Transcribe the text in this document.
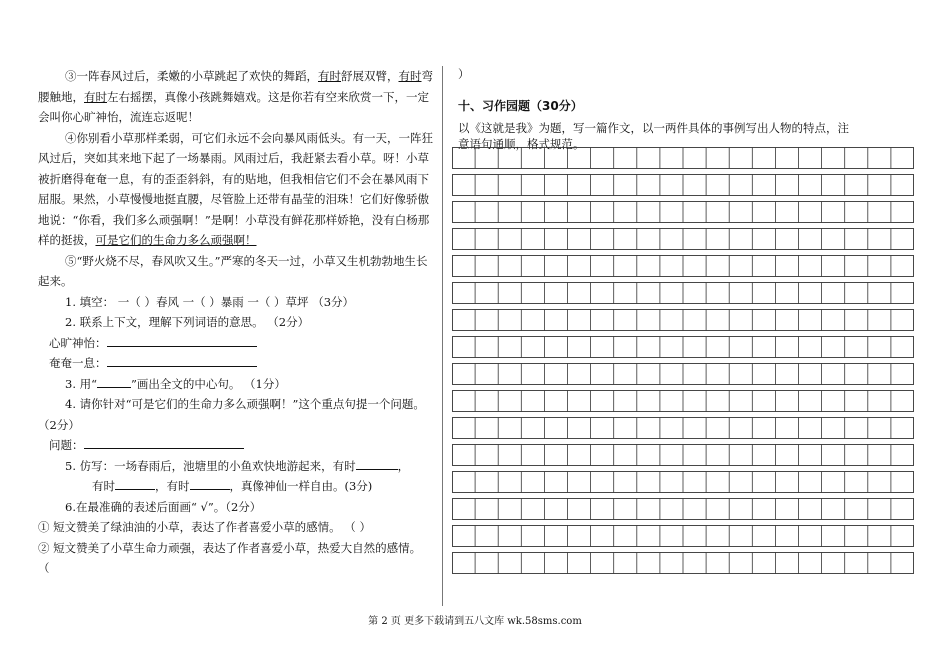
③一阵春风过后，柔嫩的小草跳起了欢快的舞蹈，有时舒展双臂，有时弯腰触地，有时左右摇摆，真像小孩跳舞嬉戏。这是你若有空来欣赏一下，一定会叫你心旷神怡，流连忘返呢！

④你别看小草那样柔弱，可它们永远不会向暴风雨低头。有一天，一阵狂风过后，突如其来地下起了一场暴雨。风雨过后，我赶紧去看小草。呀！小草被折磨得奄奄一息，有的歪歪斜斜，有的贴地，但我相信它们不会在暴风雨下屈服。果然，小草慢慢地挺直腰，尽管脸上还带有晶莹的泪珠！它们好像骄傲地说：“你看，我们多么顽强啊！”是啊！小草没有鲜花那样娇艳，没有白杨那样的挺拔，可是它们的生命力多么顽强啊！

⑤“野火烧不尽，春风吹又生。”严寒的冬天一过，小草又生机勃勃地生长起来。

1. 填空： 一（ ）春风 一（ ）暴雨 一（ ）草坪 （3分）

2. 联系上下文，理解下列词语的意思。 （2分）

心旷神怡：

奄奄一息：

3. 用“	”画出全文的中心句。 （1分）

4. 请你针对“可是它们的生命力多么顽强啊！”这个重点句提一个问题。（2分）

问题：

5. 仿写：一场春雨后，池塘里的小鱼欢快地游起来，有时	，

有时	，有时	，真像神仙一样自由。(3分)

6.在最准确的表述后面画“ √”。（2分）

① 短文赞美了绿油油的小草，表达了作者喜爱小草的感情。 （ ）

② 短文赞美了小草生命力顽强，表达了作者喜爱小草，热爱大自然的感情。 （

）
十、习作园题（30分）

以《这就是我》为题，写一篇作文，以一两件具体的事例写出人物的特点，注

意语句通顺，格式规范。

第 2 页 更多下载请到五八文库 wk.58sms.com
